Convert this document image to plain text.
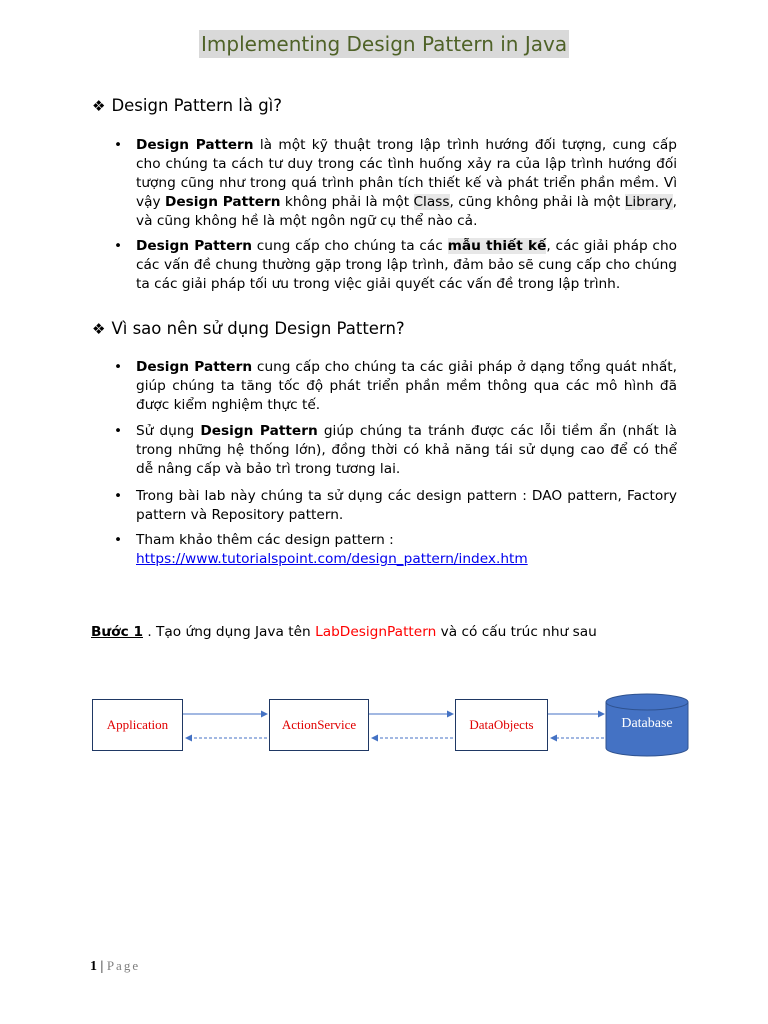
Implementing Design Pattern in Java
❖ Design Pattern là gì?
• Design Pattern là một kỹ thuật trong lập trình hướng đối tượng, cung cấp cho chúng ta cách tư duy trong các tình huống xảy ra của lập trình hướng đối tượng cũng như trong quá trình phân tích thiết kế và phát triển phần mềm. Vì vậy Design Pattern không phải là một Class, cũng không phải là một Library, và cũng không hề là một ngôn ngữ cụ thể nào cả.
• Design Pattern cung cấp cho chúng ta các mẫu thiết kế, các giải pháp cho các vấn đề chung thường gặp trong lập trình, đảm bảo sẽ cung cấp cho chúng ta các giải pháp tối ưu trong việc giải quyết các vấn đề trong lập trình.
❖ Vì sao nên sử dụng Design Pattern?
• Design Pattern cung cấp cho chúng ta các giải pháp ở dạng tổng quát nhất, giúp chúng ta tăng tốc độ phát triển phần mềm thông qua các mô hình đã được kiểm nghiệm thực tế.
• Sử dụng Design Pattern giúp chúng ta tránh được các lỗi tiềm ẩn (nhất là trong những hệ thống lớn), đồng thời có khả năng tái sử dụng cao để có thể dễ nâng cấp và bảo trì trong tương lai.
• Trong bài lab này chúng ta sử dụng các design pattern : DAO pattern, Factory pattern và Repository pattern.
• Tham khảo thêm các design pattern :
https://www.tutorialspoint.com/design_pattern/index.htm
Bước 1 . Tạo ứng dụng Java tên LabDesignPattern và có cấu trúc như sau
Application	ActionService	DataObjects	Database
1 | Page
